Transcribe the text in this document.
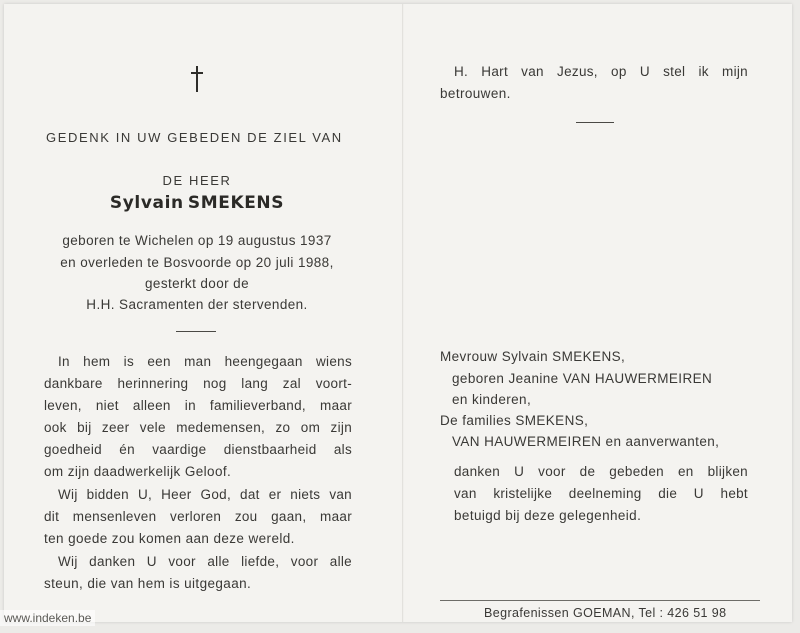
GEDENK IN UW GEBEDEN DE ZIEL VAN
DE HEER
Sylvain SMEKENS
geboren te Wichelen op 19 augustus 1937
en overleden te Bosvoorde op 20 juli 1988,
gesterkt door de
H.H. Sacramenten der stervenden.
In hem is een man heengegaan wiens
dankbare herinnering nog lang zal voort-
leven, niet alleen in familieverband, maar
ook bij zeer vele medemensen, zo om zijn
goedheid én vaardige dienstbaarheid als
om zijn daadwerkelijk Geloof.
Wij bidden U, Heer God, dat er niets van
dit mensenleven verloren zou gaan, maar
ten goede zou komen aan deze wereld.
Wij danken U voor alle liefde, voor alle
steun, die van hem is uitgegaan.
H. Hart van Jezus, op U stel ik mijn
betrouwen.
Mevrouw Sylvain SMEKENS,
geboren Jeanine VAN HAUWERMEIREN
en kinderen,
De families SMEKENS,
VAN HAUWERMEIREN en aanverwanten,
danken U voor de gebeden en blijken
van kristelijke deelneming die U hebt
betuigd bij deze gelegenheid.
Begrafenissen GOEMAN, Tel : 426 51 98
www.indeken.be
